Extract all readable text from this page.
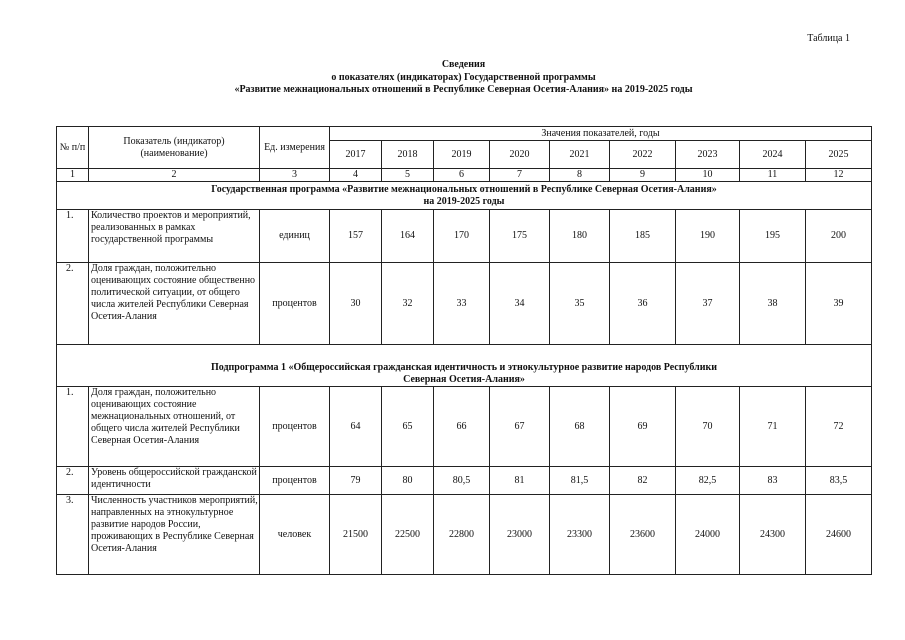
Таблица 1
Сведения
о показателях (индикаторах) Государственной программы
«Развитие межнациональных отношений в Республике Северная Осетия-Алания» на 2019-2025 годы
№ п/п	Показатель (индикатор) (наименование)	Ед. измерения	Значения показателей, годы								
			2017	2018	2019	2020	2021	2022	2023	2024	2025
1	2	3	4	5	6	7	8	9	10	11	12

Государственная программа «Развитие межнациональных отношений в Республике Северная Осетия-Алания»
на 2019-2025 годы											

1.	Количество проектов и мероприятий, реализованных в рамках государственной программы	единиц	157	164	170	175	180	185	190	195	200
2.	Доля граждан, положительно оценивающих состояние общественно политической ситуации, от общего числа жителей Республики Северная Осетия-Алания	процентов	30	32	33	34	35	36	37	38	39

Подпрограмма 1 «Общероссийская гражданская идентичность и этнокультурное развитие народов Республики
Северная Осетия-Алания»											

1.	Доля граждан, положительно оценивающих состояние межнациональных отношений, от общего числа жителей Республики Северная Осетия-Алания	процентов	64	65	66	67	68	69	70	71	72
2.	Уровень общероссийской гражданской идентичности	процентов	79	80	80,5	81	81,5	82	82,5	83	83,5
3.	Численность участников мероприятий, направленных на этнокультурное развитие народов России, проживающих в Республике Северная Осетия-Алания	человек	21500	22500	22800	23000	23300	23600	24000	24300	24600
